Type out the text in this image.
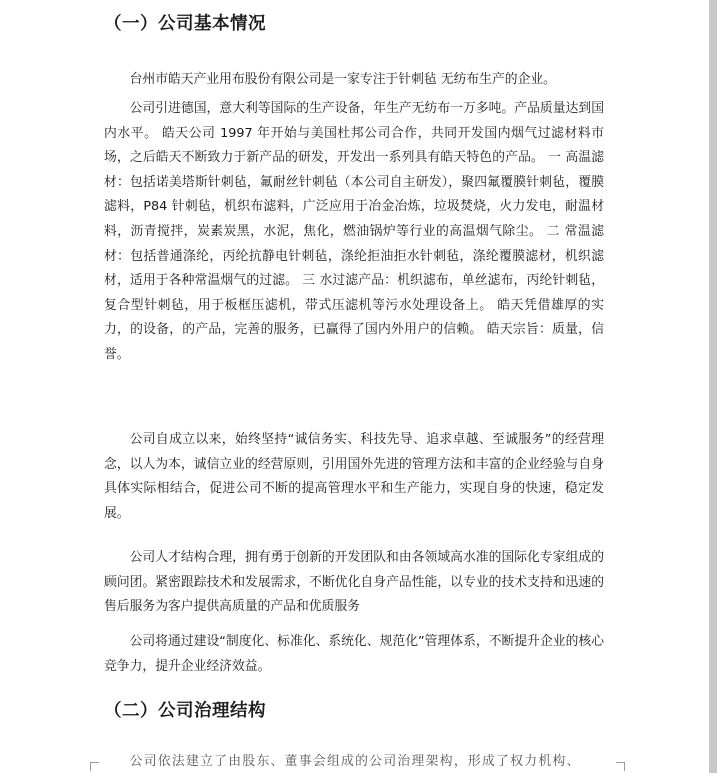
（一）公司基本情况

台州市皓天产业用布股份有限公司是一家专注于针刺毡 无纺布生产的企业。

公司引进德国，意大利等国际的生产设备，年生产无纺布一万多吨。产品质量达到国内水平。 皓天公司 1997 年开始与美国杜邦公司合作，共同开发国内烟气过滤材料市场，之后皓天不断致力于新产品的研发，开发出一系列具有皓天特色的产品。 一 高温滤材：包括诺美塔斯针刺毡，氟耐丝针刺毡（本公司自主研发），聚四氟覆膜针刺毡，覆膜滤料，P84 针刺毡，机织布滤料，广泛应用于冶金冶炼，垃圾焚烧，火力发电，耐温材料，沥青搅拌，炭素炭黑，水泥，焦化，燃油锅炉等行业的高温烟气除尘。 二 常温滤材：包括普通涤纶，丙纶抗静电针刺毡，涤纶拒油拒水针刺毡，涤纶覆膜滤材，机织滤材，适用于各种常温烟气的过滤。 三 水过滤产品：机织滤布，单丝滤布，丙纶针刺毡，复合型针刺毡，用于板框压滤机，带式压滤机等污水处理设备上。 皓天凭借雄厚的实力，的设备，的产品，完善的服务，已赢得了国内外用户的信赖。 皓天宗旨：质量，信誉。

公司自成立以来，始终坚持“诚信务实、科技先导、追求卓越、至诚服务”的经营理念，以人为本，诚信立业的经营原则，引用国外先进的管理方法和丰富的企业经验与自身具体实际相结合，促进公司不断的提高管理水平和生产能力，实现自身的快速，稳定发展。

公司人才结构合理，拥有勇于创新的开发团队和由各领域高水准的国际化专家组成的顾问团。紧密跟踪技术和发展需求，不断优化自身产品性能，以专业的技术支持和迅速的售后服务为客户提供高质量的产品和优质服务

公司将通过建设“制度化、标准化、系统化、规范化”管理体系，不断提升企业的核心竞争力，提升企业经济效益。

（二）公司治理结构

公司依法建立了由股东、董事会组成的公司治理架构，形成了权力机构、
